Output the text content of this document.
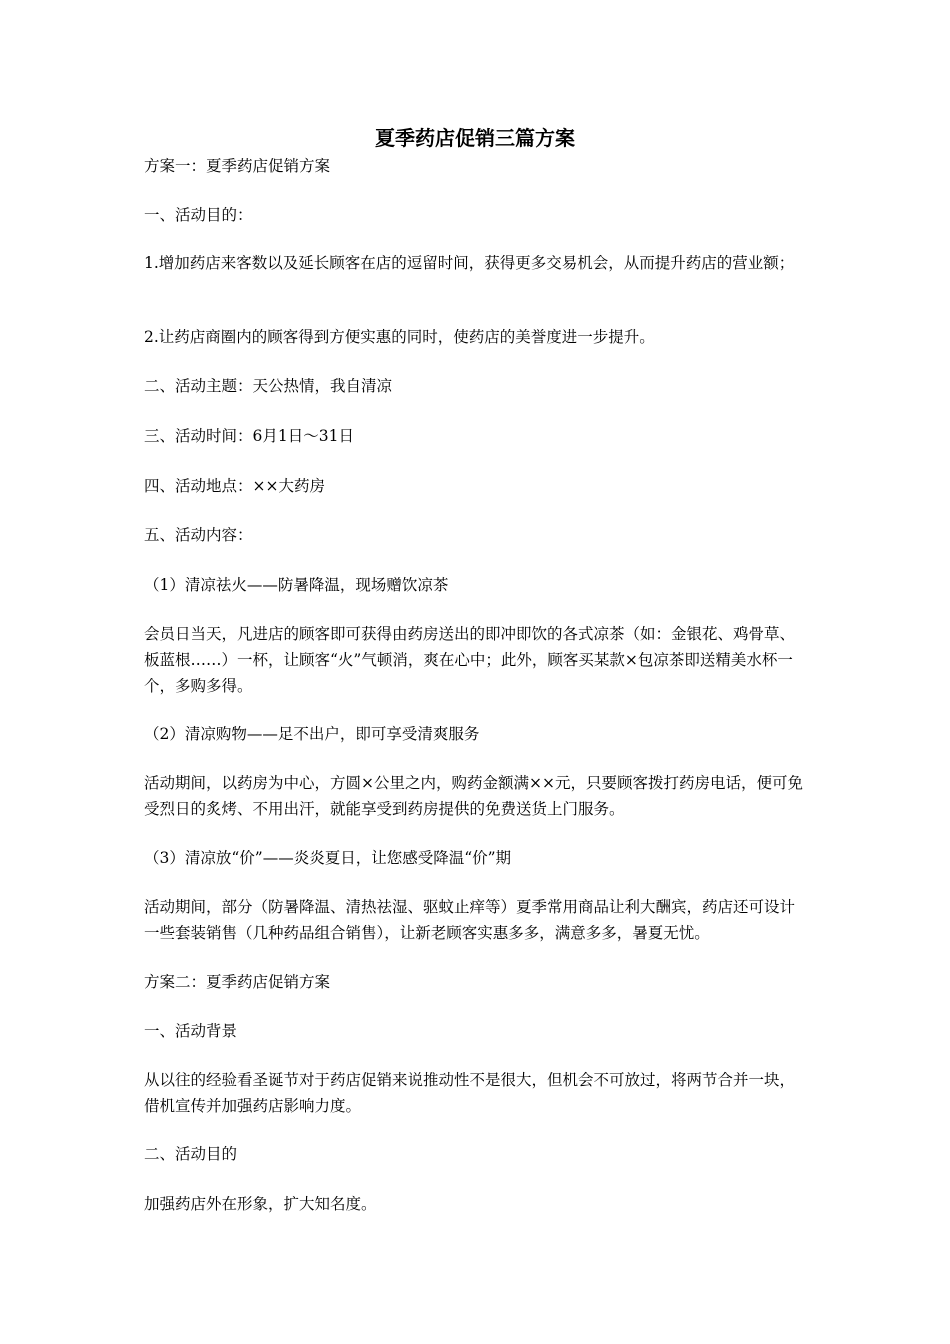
夏季药店促销三篇方案

方案一：夏季药店促销方案

一、活动目的：

1.增加药店来客数以及延长顾客在店的逗留时间，获得更多交易机会，从而提升药店的营业额；

2.让药店商圈内的顾客得到方便实惠的同时，使药店的美誉度进一步提升。

二、活动主题：天公热情，我自清凉

三、活动时间：6月1日～31日

四、活动地点：××大药房

五、活动内容：

（1）清凉祛火——防暑降温，现场赠饮凉茶

会员日当天，凡进店的顾客即可获得由药房送出的即冲即饮的各式凉茶（如：金银花、鸡骨草、板蓝根……）一杯，让顾客“火”气顿消，爽在心中；此外，顾客买某款×包凉茶即送精美水杯一个，多购多得。

（2）清凉购物——足不出户，即可享受清爽服务

活动期间，以药房为中心，方圆×公里之内，购药金额满××元，只要顾客拨打药房电话，便可免受烈日的炙烤、不用出汗，就能享受到药房提供的免费送货上门服务。

（3）清凉放“价”——炎炎夏日，让您感受降温“价”期

活动期间，部分（防暑降温、清热祛湿、驱蚊止痒等）夏季常用商品让利大酬宾，药店还可设计一些套装销售（几种药品组合销售），让新老顾客实惠多多，满意多多，暑夏无忧。

方案二：夏季药店促销方案

一、活动背景

从以往的经验看圣诞节对于药店促销来说推动性不是很大，但机会不可放过，将两节合并一块，借机宣传并加强药店影响力度。

二、活动目的

加强药店外在形象，扩大知名度。
